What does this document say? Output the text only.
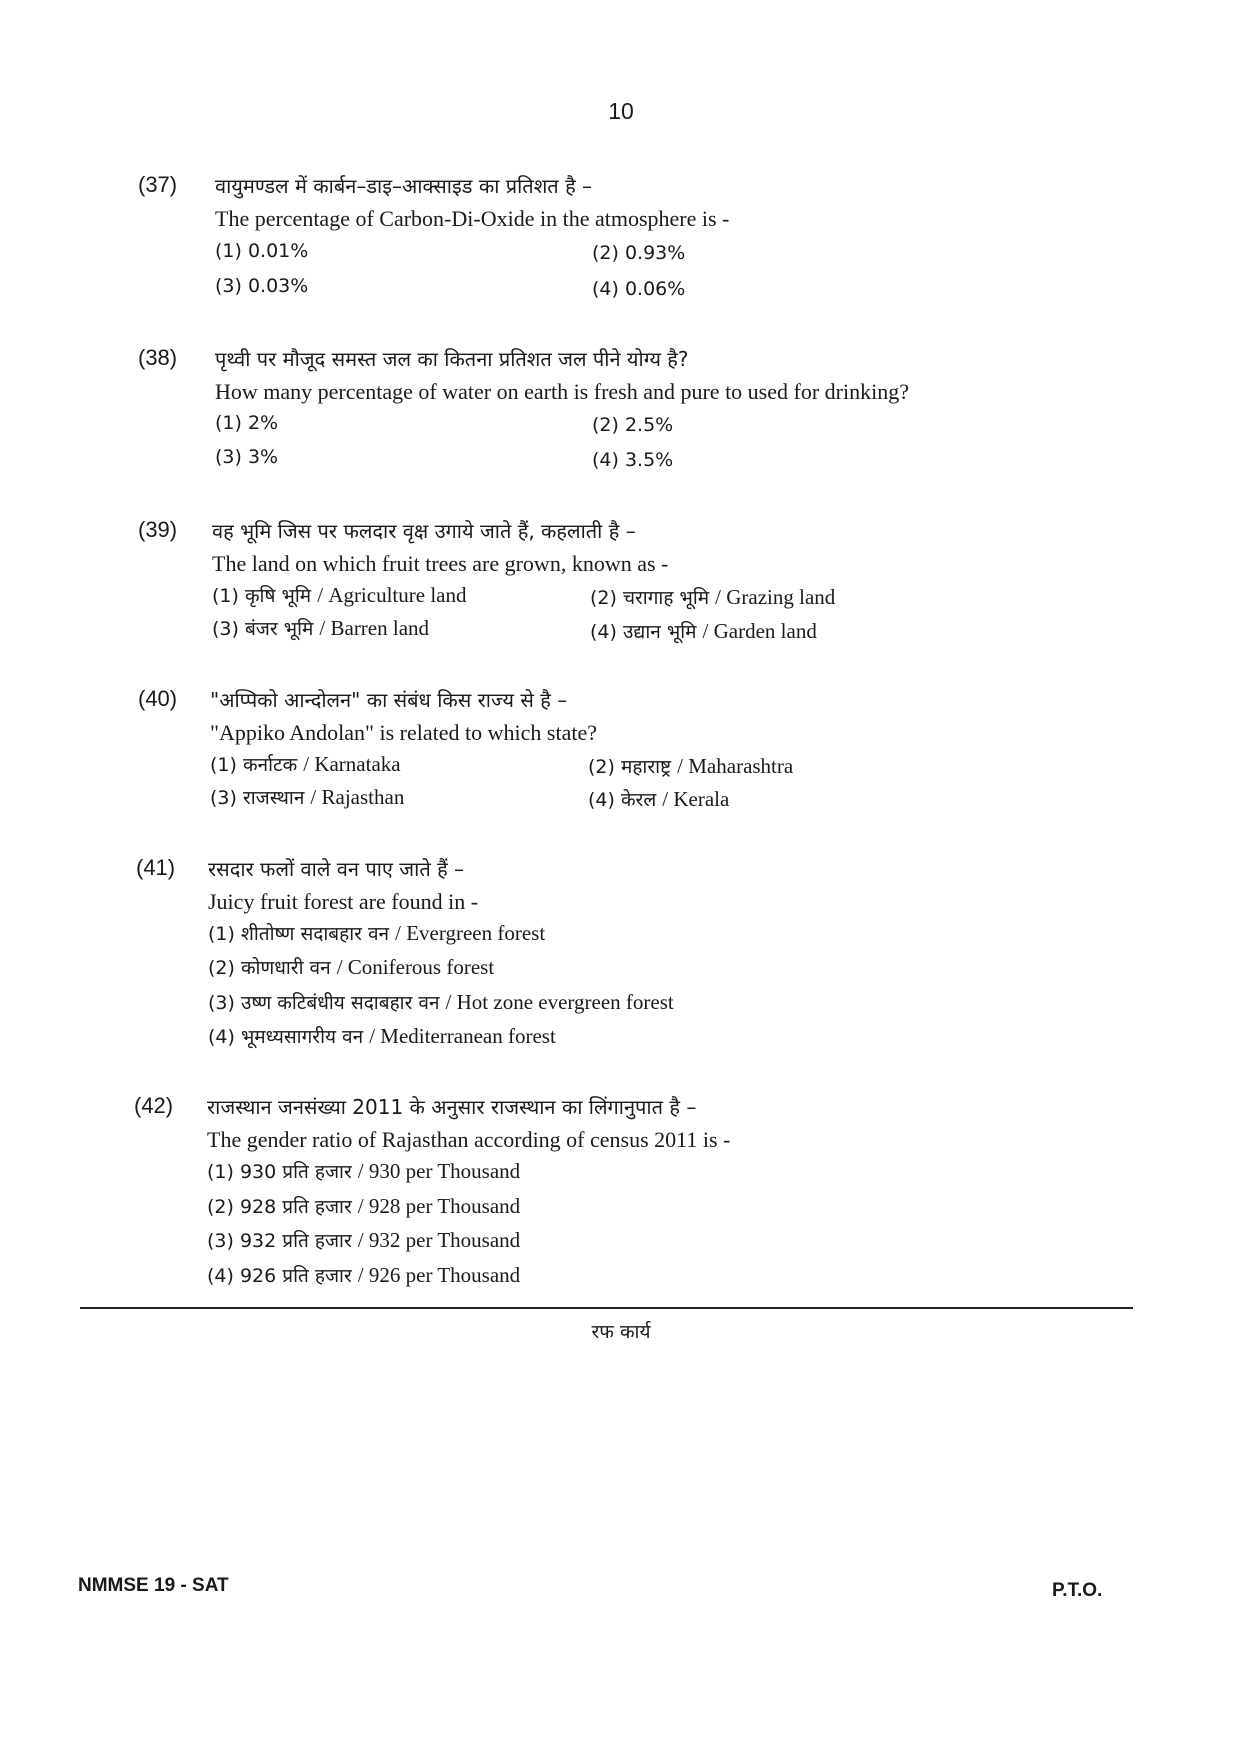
10
(37) वायुमण्डल में कार्बन–डाइ–आक्साइड का प्रतिशत है –
The percentage of Carbon-Di-Oxide in the atmosphere is -
(1) 0.01%	(2) 0.93%
(3) 0.03%	(4) 0.06%
(38) पृथ्वी पर मौजूद समस्त जल का कितना प्रतिशत जल पीने योग्य है?
How many percentage of water on earth is fresh and pure to used for drinking?
(1) 2%	(2) 2.5%
(3) 3%	(4) 3.5%
(39) वह भूमि जिस पर फलदार वृक्ष उगाये जाते हैं, कहलाती है –
The land on which fruit trees are grown, known as -
(1) कृषि भूमि / Agriculture land	(2) चरागाह भूमि / Grazing land
(3) बंजर भूमि / Barren land	(4) उद्यान भूमि / Garden land
(40) "अप्पिको आन्दोलन" का संबंध किस राज्य से है –
"Appiko Andolan" is related to which state?
(1) कर्नाटक / Karnataka	(2) महाराष्ट्र / Maharashtra
(3) राजस्थान / Rajasthan	(4) केरल / Kerala
(41) रसदार फलों वाले वन पाए जाते हैं –
Juicy fruit forest are found in -
(1) शीतोष्ण सदाबहार वन / Evergreen forest
(2) कोणधारी वन / Coniferous forest
(3) उष्ण कटिबंधीय सदाबहार वन / Hot zone evergreen forest
(4) भूमध्यसागरीय वन / Mediterranean forest
(42) राजस्थान जनसंख्या 2011 के अनुसार राजस्थान का लिंगानुपात है –
The gender ratio of Rajasthan according of census 2011 is -
(1) 930 प्रति हजार / 930 per Thousand
(2) 928 प्रति हजार / 928 per Thousand
(3) 932 प्रति हजार / 932 per Thousand
(4) 926 प्रति हजार / 926 per Thousand
रफ कार्य
NMMSE 19 - SAT	P.T.O.
